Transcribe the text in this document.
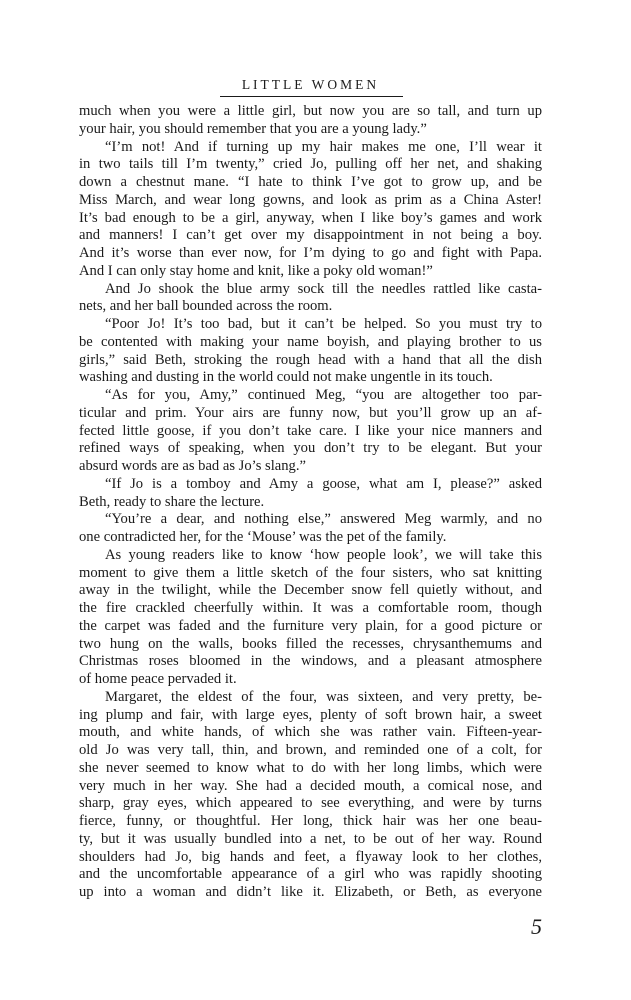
LITTLE WOMEN
much when you were a little girl, but now you are so tall, and turn up
your hair, you should remember that you are a young lady.”
“I’m not! And if turning up my hair makes me one, I’ll wear it
in two tails till I’m twenty,” cried Jo, pulling off her net, and shaking
down a chestnut mane. “I hate to think I’ve got to grow up, and be
Miss March, and wear long gowns, and look as prim as a China Aster!
It’s bad enough to be a girl, anyway, when I like boy’s games and work
and manners! I can’t get over my disappointment in not being a boy.
And it’s worse than ever now, for I’m dying to go and fight with Papa.
And I can only stay home and knit, like a poky old woman!”
And Jo shook the blue army sock till the needles rattled like casta-
nets, and her ball bounded across the room.
“Poor Jo! It’s too bad, but it can’t be helped. So you must try to
be contented with making your name boyish, and playing brother to us
girls,” said Beth, stroking the rough head with a hand that all the dish
washing and dusting in the world could not make ungentle in its touch.
“As for you, Amy,” continued Meg, “you are altogether too par-
ticular and prim. Your airs are funny now, but you’ll grow up an af-
fected little goose, if you don’t take care. I like your nice manners and
refined ways of speaking, when you don’t try to be elegant. But your
absurd words are as bad as Jo’s slang.”
“If Jo is a tomboy and Amy a goose, what am I, please?” asked
Beth, ready to share the lecture.
“You’re a dear, and nothing else,” answered Meg warmly, and no
one contradicted her, for the ‘Mouse’ was the pet of the family.
As young readers like to know ‘how people look’, we will take this
moment to give them a little sketch of the four sisters, who sat knitting
away in the twilight, while the December snow fell quietly without, and
the fire crackled cheerfully within. It was a comfortable room, though
the carpet was faded and the furniture very plain, for a good picture or
two hung on the walls, books filled the recesses, chrysanthemums and
Christmas roses bloomed in the windows, and a pleasant atmosphere
of home peace pervaded it.
Margaret, the eldest of the four, was sixteen, and very pretty, be-
ing plump and fair, with large eyes, plenty of soft brown hair, a sweet
mouth, and white hands, of which she was rather vain. Fifteen-year-
old Jo was very tall, thin, and brown, and reminded one of a colt, for
she never seemed to know what to do with her long limbs, which were
very much in her way. She had a decided mouth, a comical nose, and
sharp, gray eyes, which appeared to see everything, and were by turns
fierce, funny, or thoughtful. Her long, thick hair was her one beau-
ty, but it was usually bundled into a net, to be out of her way. Round
shoulders had Jo, big hands and feet, a flyaway look to her clothes,
and the uncomfortable appearance of a girl who was rapidly shooting
up into a woman and didn’t like it. Elizabeth, or Beth, as everyone
5
